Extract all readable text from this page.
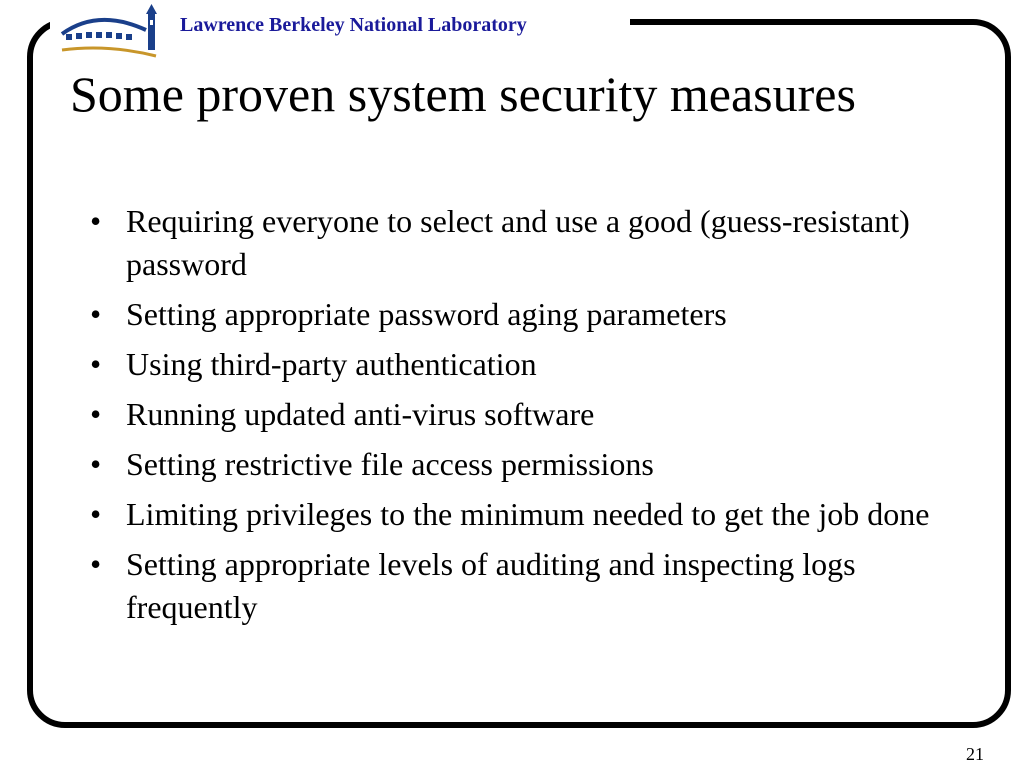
Lawrence Berkeley National Laboratory
Some proven system security measures
• Requiring everyone to select and use a good (guess-resistant) password
• Setting appropriate password aging parameters
• Using third-party authentication
• Running updated anti-virus software
• Setting restrictive file access permissions
• Limiting privileges to the minimum needed to get the job done
• Setting appropriate levels of auditing and inspecting logs frequently
21
